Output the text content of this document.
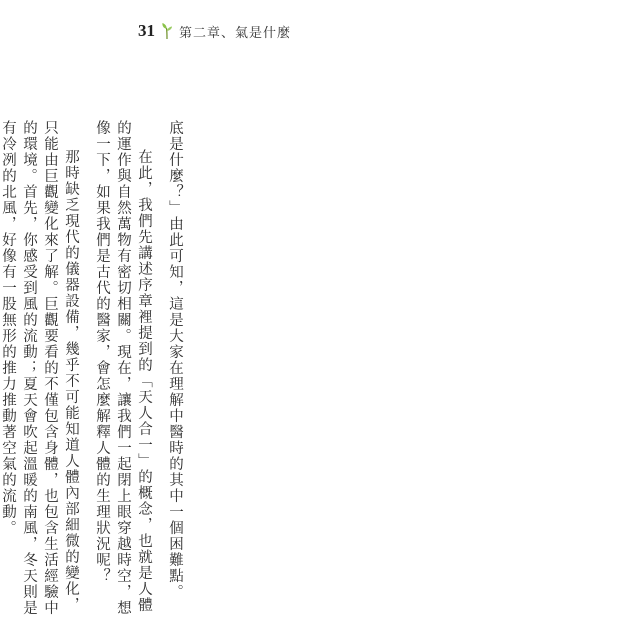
31 第二章、氣是什麼

底是什麼？」由此可知，這是大家在理解中醫時的其中一個困難點。

在此，我們先講述序章裡提到的「天人合一」的概念，也就是人體的運作與自然萬物有密切相關。現在，讓我們一起閉上眼穿越時空，想像一下，如果我們是古代的醫家，會怎麼解釋人體的生理狀況呢？

那時缺乏現代的儀器設備，幾乎不可能知道人體內部細微的變化，只能由巨觀變化來了解。巨觀要看的不僅包含身體，也包含生活經驗中的環境。首先，你感受到風的流動；夏天會吹起溫暖的南風，冬天則是有冷冽的北風，好像有一股無形的推力推動著空氣的流動。
